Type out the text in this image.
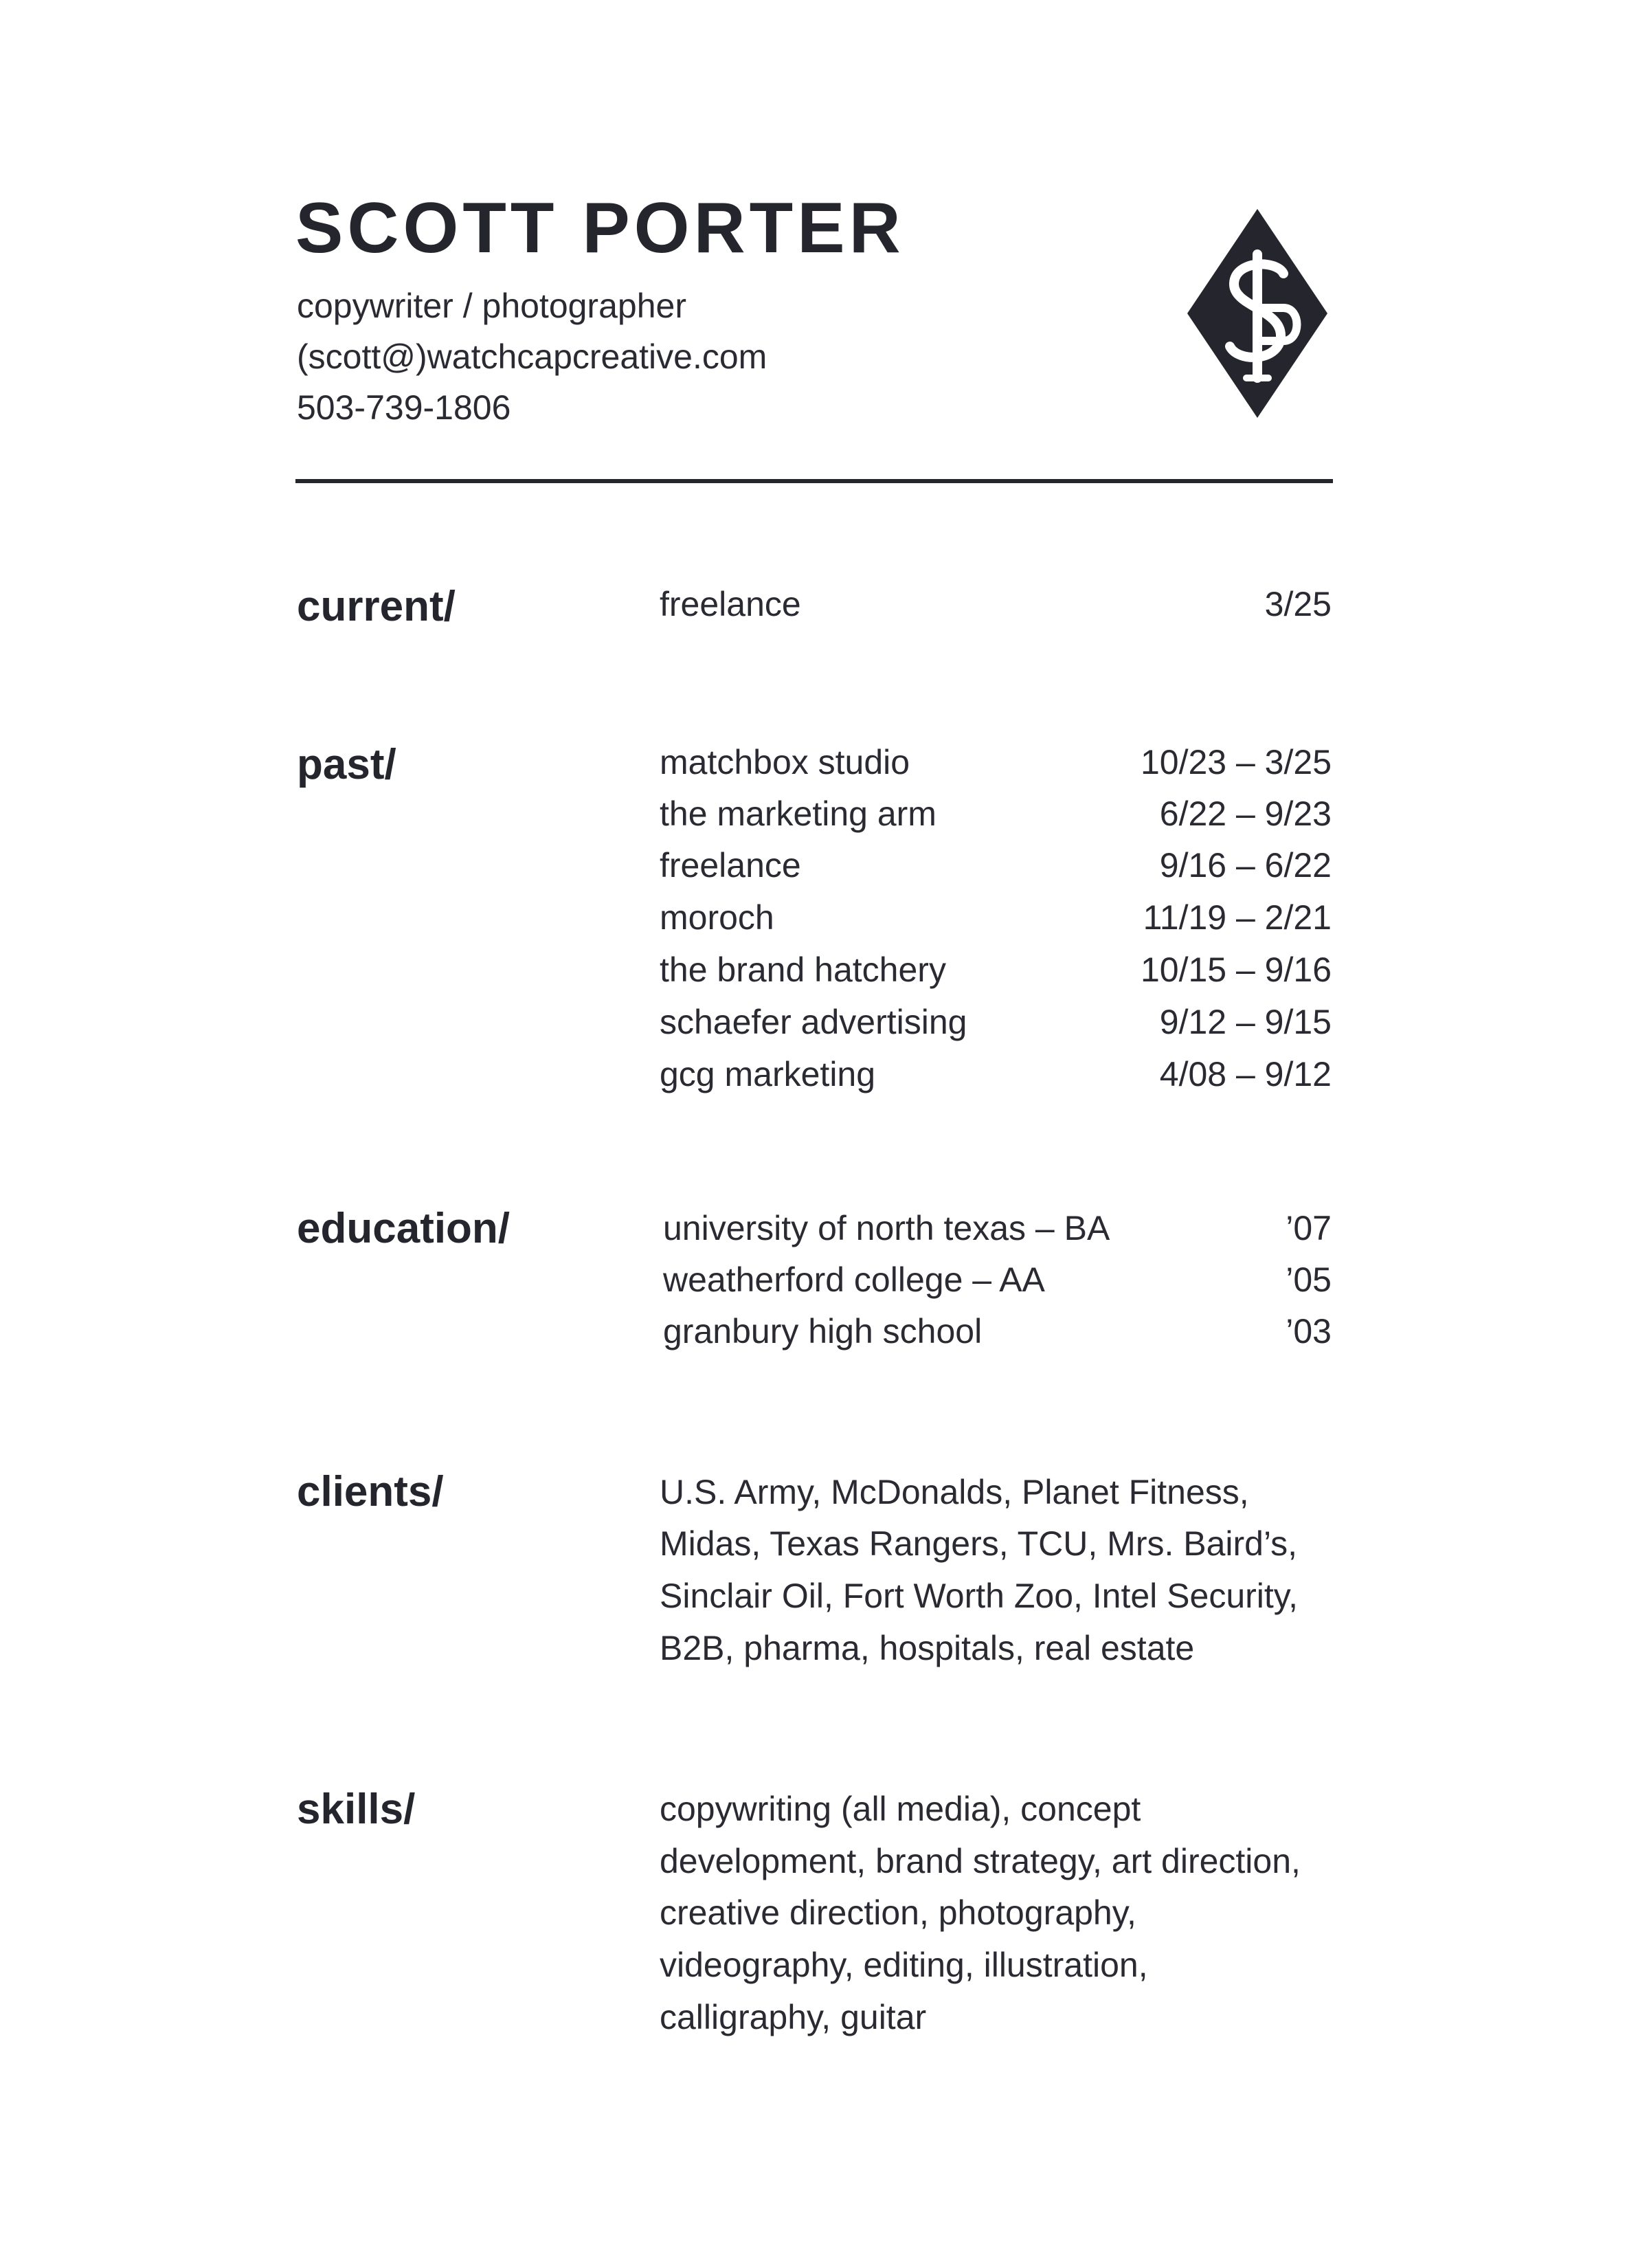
SCOTT PORTER
copywriter / photographer
(scott@)watchcapcreative.com
503-739-1806
current/	freelance	3/25
past/	matchbox studio	10/23 – 3/25
the marketing arm	6/22 – 9/23
freelance	9/16 – 6/22
moroch	11/19 – 2/21
the brand hatchery	10/15 – 9/16
schaefer advertising	9/12 – 9/15
gcg marketing	4/08 – 9/12
education/	university of north texas – BA	’07
weatherford college – AA	’05
granbury high school	’03
clients/	U.S. Army, McDonalds, Planet Fitness,
Midas, Texas Rangers, TCU, Mrs. Baird’s,
Sinclair Oil, Fort Worth Zoo, Intel Security,
B2B, pharma, hospitals, real estate
skills/	copywriting (all media), concept
development, brand strategy, art direction,
creative direction, photography,
videography, editing, illustration,
calligraphy, guitar
